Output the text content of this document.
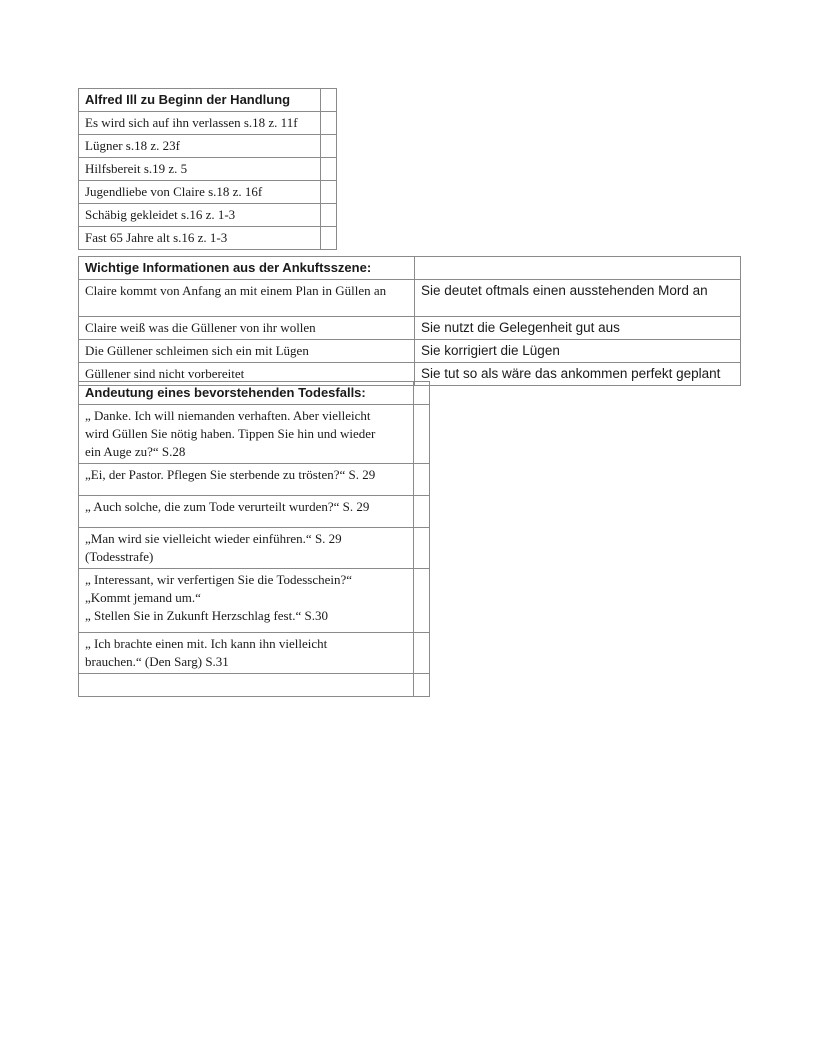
Alfred Ill zu Beginn der Handlung	
Es wird sich auf ihn verlassen s.18 z. 11f	
Lügner s.18 z. 23f	
Hilfsbereit s.19 z. 5	
Jugendliebe von Claire s.18 z. 16f	
Schäbig gekleidet s.16 z. 1-3	
Fast 65 Jahre alt s.16 z. 1-3	
Wichtige Informationen aus der Ankuftsszene:	
Claire kommt von Anfang an mit einem Plan in Güllen an	Sie deutet oftmals einen ausstehenden Mord an
Claire weiß was die Güllener von ihr wollen	Sie nutzt die Gelegenheit gut aus
Die Güllener schleimen sich ein mit Lügen	Sie korrigiert die Lügen
Güllener sind nicht vorbereitet	Sie tut so als wäre das ankommen perfekt geplant
Andeutung eines bevorstehenden Todesfalls:	

„ Danke. Ich will niemanden verhaften. Aber vielleicht
wird Güllen Sie nötig haben. Tippen Sie hin und wieder
ein Auge zu?“ S.28	

„Ei, der Pastor. Pflegen Sie sterbende zu trösten?“ S. 29	

„ Auch solche, die zum Tode verurteilt wurden?“ S. 29	

„Man wird sie vielleicht wieder einführen.“ S. 29
(Todesstrafe)	

„ Interessant, wir verfertigen Sie die Todesschein?“
„Kommt jemand um.“
„ Stellen Sie in Zukunft Herzschlag fest.“ S.30	

„ Ich brachte einen mit. Ich kann ihn vielleicht
brauchen.“ (Den Sarg) S.31	
